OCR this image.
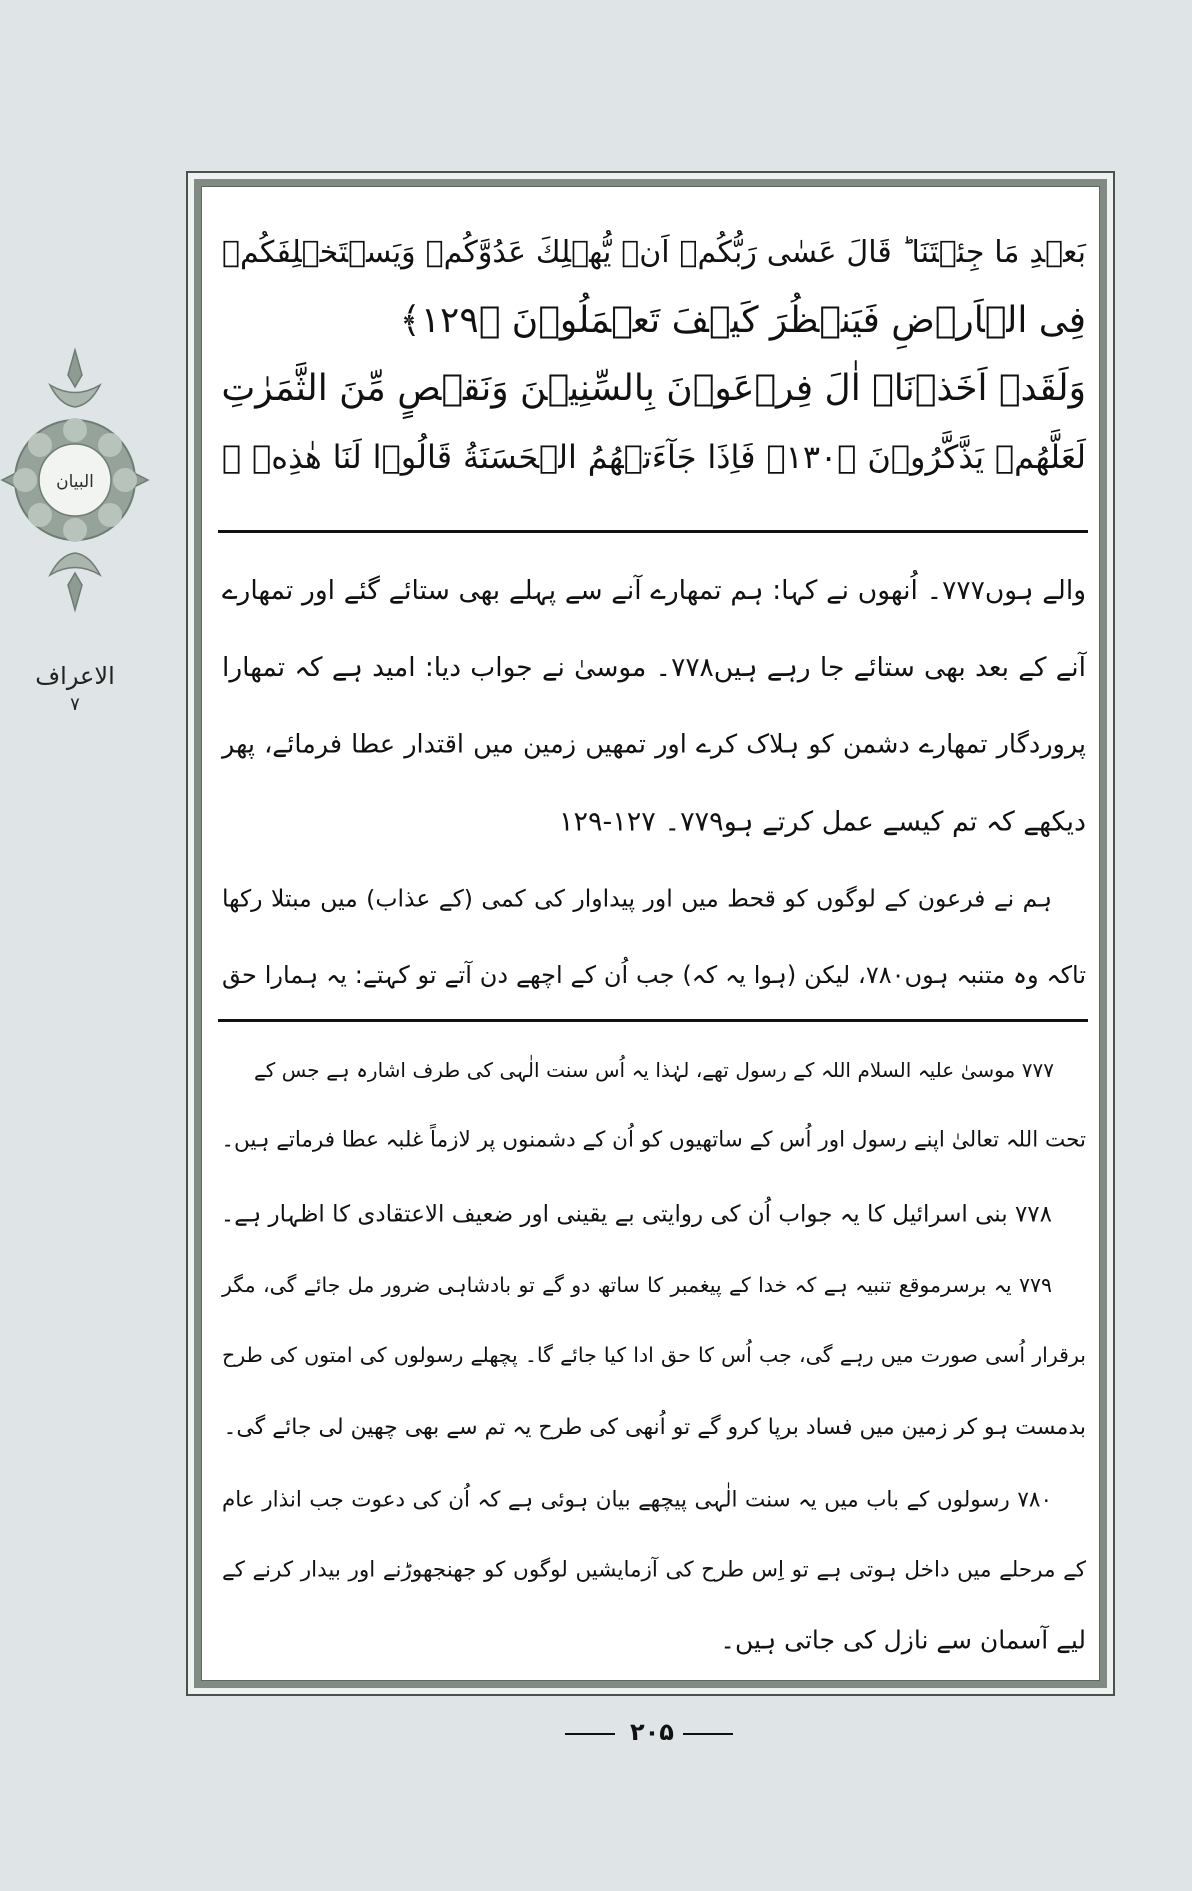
البیان
الاعراف
۷
بَعۡدِ مَا جِئۡتَنَا ؕ قَالَ عَسٰی رَبُّکُمۡ اَنۡ یُّهۡلِكَ عَدُوَّکُمۡ وَیَسۡتَخۡلِفَکُمۡ
فِی الۡاَرۡضِ فَیَنۡظُرَ کَیۡفَ تَعۡمَلُوۡنَ ﴿۱۲۹﴾
وَلَقَدۡ اَخَذۡنَاۤ اٰلَ فِرۡعَوۡنَ بِالسِّنِیۡنَ وَنَقۡصٍ مِّنَ الثَّمَرٰتِ
لَعَلَّهُمۡ یَذَّکَّرُوۡنَ ﴿۱۳۰﴾ فَاِذَا جَآءَتۡهُمُ الۡحَسَنَةُ قَالُوۡا لَنَا هٰذِهٖ ۚ
والے ہوں۷۷۷۔ اُنھوں نے کہا: ہم تمھارے آنے سے پہلے بھی ستائے گئے اور تمھارے
آنے کے بعد بھی ستائے جا رہے ہیں۷۷۸۔ موسیٰ نے جواب دیا: امید ہے کہ تمھارا
پروردگار تمھارے دشمن کو ہلاک کرے اور تمھیں زمین میں اقتدار عطا فرمائے، پھر
دیکھے کہ تم کیسے عمل کرتے ہو۷۷۹۔ ۱۲۷-۱۲۹
ہم نے فرعون کے لوگوں کو قحط میں اور پیداوار کی کمی (کے عذاب) میں مبتلا رکھا
تاکہ وہ متنبہ ہوں۷۸۰، لیکن (ہوا یہ کہ) جب اُن کے اچھے دن آتے تو کہتے: یہ ہمارا حق
۷۷۷ موسیٰ علیہ السلام اللہ کے رسول تھے، لہٰذا یہ اُس سنت الٰہی کی طرف اشارہ ہے جس کے
تحت اللہ تعالیٰ اپنے رسول اور اُس کے ساتھیوں کو اُن کے دشمنوں پر لازماً غلبہ عطا فرماتے ہیں۔
۷۷۸ بنی اسرائیل کا یہ جواب اُن کی روایتی بے یقینی اور ضعیف الاعتقادی کا اظہار ہے۔
۷۷۹ یہ برسرموقع تنبیہ ہے کہ خدا کے پیغمبر کا ساتھ دو گے تو بادشاہی ضرور مل جائے گی، مگر
برقرار اُسی صورت میں رہے گی، جب اُس کا حق ادا کیا جائے گا۔ پچھلے رسولوں کی امتوں کی طرح
بدمست ہو کر زمین میں فساد برپا کرو گے تو اُنھی کی طرح یہ تم سے بھی چھین لی جائے گی۔
۷۸۰ رسولوں کے باب میں یہ سنت الٰہی پیچھے بیان ہوئی ہے کہ اُن کی دعوت جب انذار عام
کے مرحلے میں داخل ہوتی ہے تو اِس طرح کی آزمایشیں لوگوں کو جھنجھوڑنے اور بیدار کرنے کے
لیے آسمان سے نازل کی جاتی ہیں۔
۲۰۵
